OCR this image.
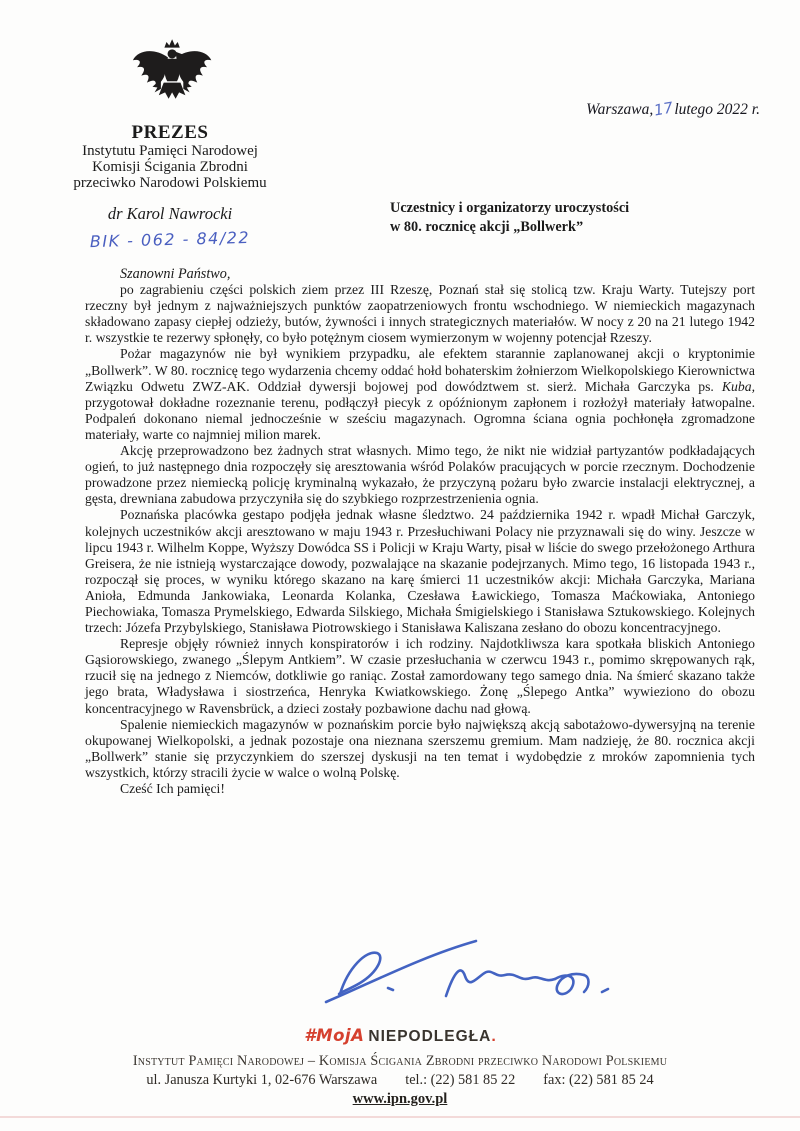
PREZES
Instytutu Pamięci Narodowej
Komisji Ścigania Zbrodni
przeciwko Narodowi Polskiemu
dr Karol Nawrocki
BIK - 062 - 84/22
Warszawa,17lutego 2022 r.
Uczestnicy i organizatorzy uroczystości
w 80. rocznicę akcji „Bollwerk”

Szanowni Państwo,

po zagrabieniu części polskich ziem przez III Rzeszę, Poznań stał się stolicą tzw. Kraju Warty. Tutejszy port rzeczny był jednym z najważniejszych punktów zaopatrzeniowych frontu wschodniego. W niemieckich magazynach składowano zapasy ciepłej odzieży, butów, żywności i innych strategicznych materiałów. W nocy z 20 na 21 lutego 1942 r. wszystkie te rezerwy spłonęły, co było potężnym ciosem wymierzonym w wojenny potencjał Rzeszy.

Pożar magazynów nie był wynikiem przypadku, ale efektem starannie zaplanowanej akcji o kryptonimie „Bollwerk”. W 80. rocznicę tego wydarzenia chcemy oddać hołd bohaterskim żołnierzom Wielkopolskiego Kierownictwa Związku Odwetu ZWZ-AK. Oddział dywersji bojowej pod dowództwem st. sierż. Michała Garczyka ps. Kuba, przygotował dokładne rozeznanie terenu, podłączył piecyk z opóźnionym zapłonem i rozłożył materiały łatwopalne. Podpaleń dokonano niemal jednocześnie w sześciu magazynach. Ogromna ściana ognia pochłonęła zgromadzone materiały, warte co najmniej milion marek.

Akcję przeprowadzono bez żadnych strat własnych. Mimo tego, że nikt nie widział partyzantów podkładających ogień, to już następnego dnia rozpoczęły się aresztowania wśród Polaków pracujących w porcie rzecznym. Dochodzenie prowadzone przez niemiecką policję kryminalną wykazało, że przyczyną pożaru było zwarcie instalacji elektrycznej, a gęsta, drewniana zabudowa przyczyniła się do szybkiego rozprzestrzenienia ognia.

Poznańska placówka gestapo podjęła jednak własne śledztwo. 24 października 1942 r. wpadł Michał Garczyk, kolejnych uczestników akcji aresztowano w maju 1943 r. Przesłuchiwani Polacy nie przyznawali się do winy. Jeszcze w lipcu 1943 r. Wilhelm Koppe, Wyższy Dowódca SS i Policji w Kraju Warty, pisał w liście do swego przełożonego Arthura Greisera, że nie istnieją wystarczające dowody, pozwalające na skazanie podejrzanych. Mimo tego, 16 listopada 1943 r., rozpoczął się proces, w wyniku którego skazano na karę śmierci 11 uczestników akcji: Michała Garczyka, Mariana Anioła, Edmunda Jankowiaka, Leonarda Kolanka, Czesława Ławickiego, Tomasza Maćkowiaka, Antoniego Piechowiaka, Tomasza Prymelskiego, Edwarda Silskiego, Michała Śmigielskiego i Stanisława Sztukowskiego. Kolejnych trzech: Józefa Przybylskiego, Stanisława Piotrowskiego i Stanisława Kaliszana zesłano do obozu koncentracyjnego.

Represje objęły również innych konspiratorów i ich rodziny. Najdotkliwsza kara spotkała bliskich Antoniego Gąsiorowskiego, zwanego „Ślepym Antkiem”. W czasie przesłuchania w czerwcu 1943 r., pomimo skrępowanych rąk, rzucił się na jednego z Niemców, dotkliwie go raniąc. Został zamordowany tego samego dnia. Na śmierć skazano także jego brata, Władysława i siostrzeńca, Henryka Kwiatkowskiego. Żonę „Ślepego Antka” wywieziono do obozu koncentracyjnego w Ravensbrück, a dzieci zostały pozbawione dachu nad głową.

Spalenie niemieckich magazynów w poznańskim porcie było największą akcją sabotażowo-dywersyjną na terenie okupowanej Wielkopolski, a jednak pozostaje ona nieznana szerszemu gremium. Mam nadzieję, że 80. rocznica akcji „Bollwerk” stanie się przyczynkiem do szerszej dyskusji na ten temat i wydobędzie z mroków zapomnienia tych wszystkich, którzy stracili życie w walce o wolną Polskę.

Cześć Ich pamięci!

#MojA NIEPODLEGŁA.
Instytut Pamięci Narodowej – Komisja Ścigania Zbrodni przeciwko Narodowi Polskiemu
ul. Janusza Kurtyki 1, 02-676 Warszawa tel.: (22) 581 85 22 fax: (22) 581 85 24
www.ipn.gov.pl
